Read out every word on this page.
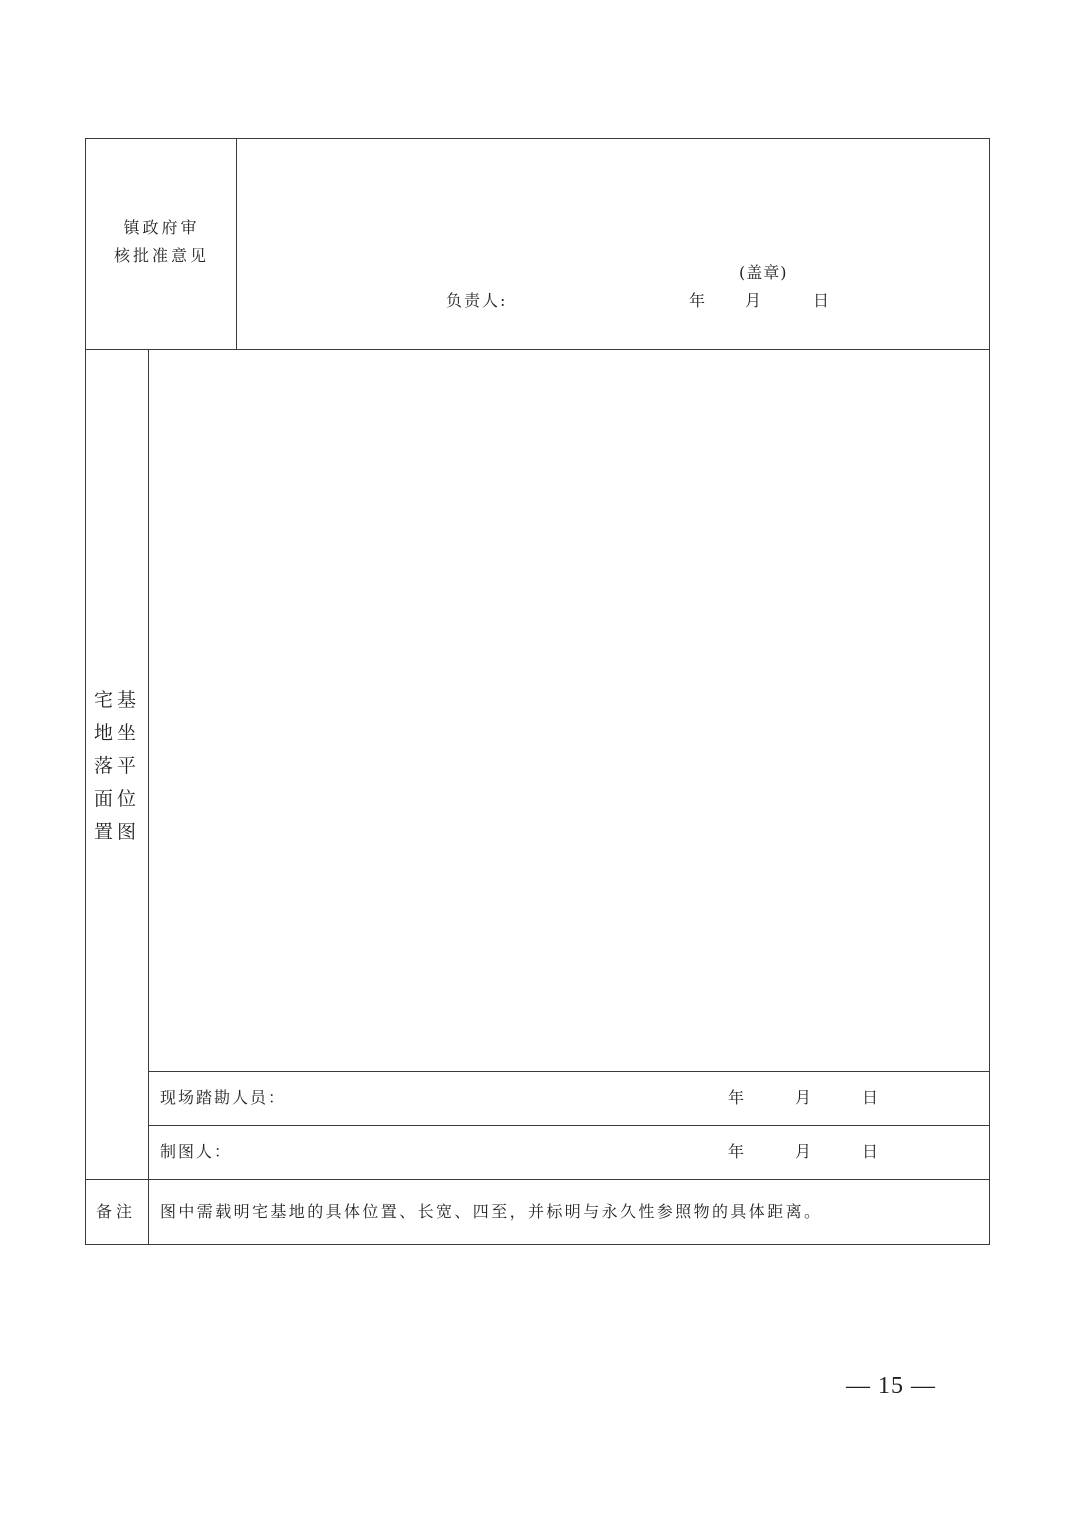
镇政府审
核批准意见
(盖章)
负责人:	年 月	日
宅基
地坐
落平
面位
置图
现场踏勘人员：	年	月	日
制图人：	年	月	日
备注 图中需载明宅基地的具体位置、长宽、四至，并标明与永久性参照物的具体距离。
— 15 —
